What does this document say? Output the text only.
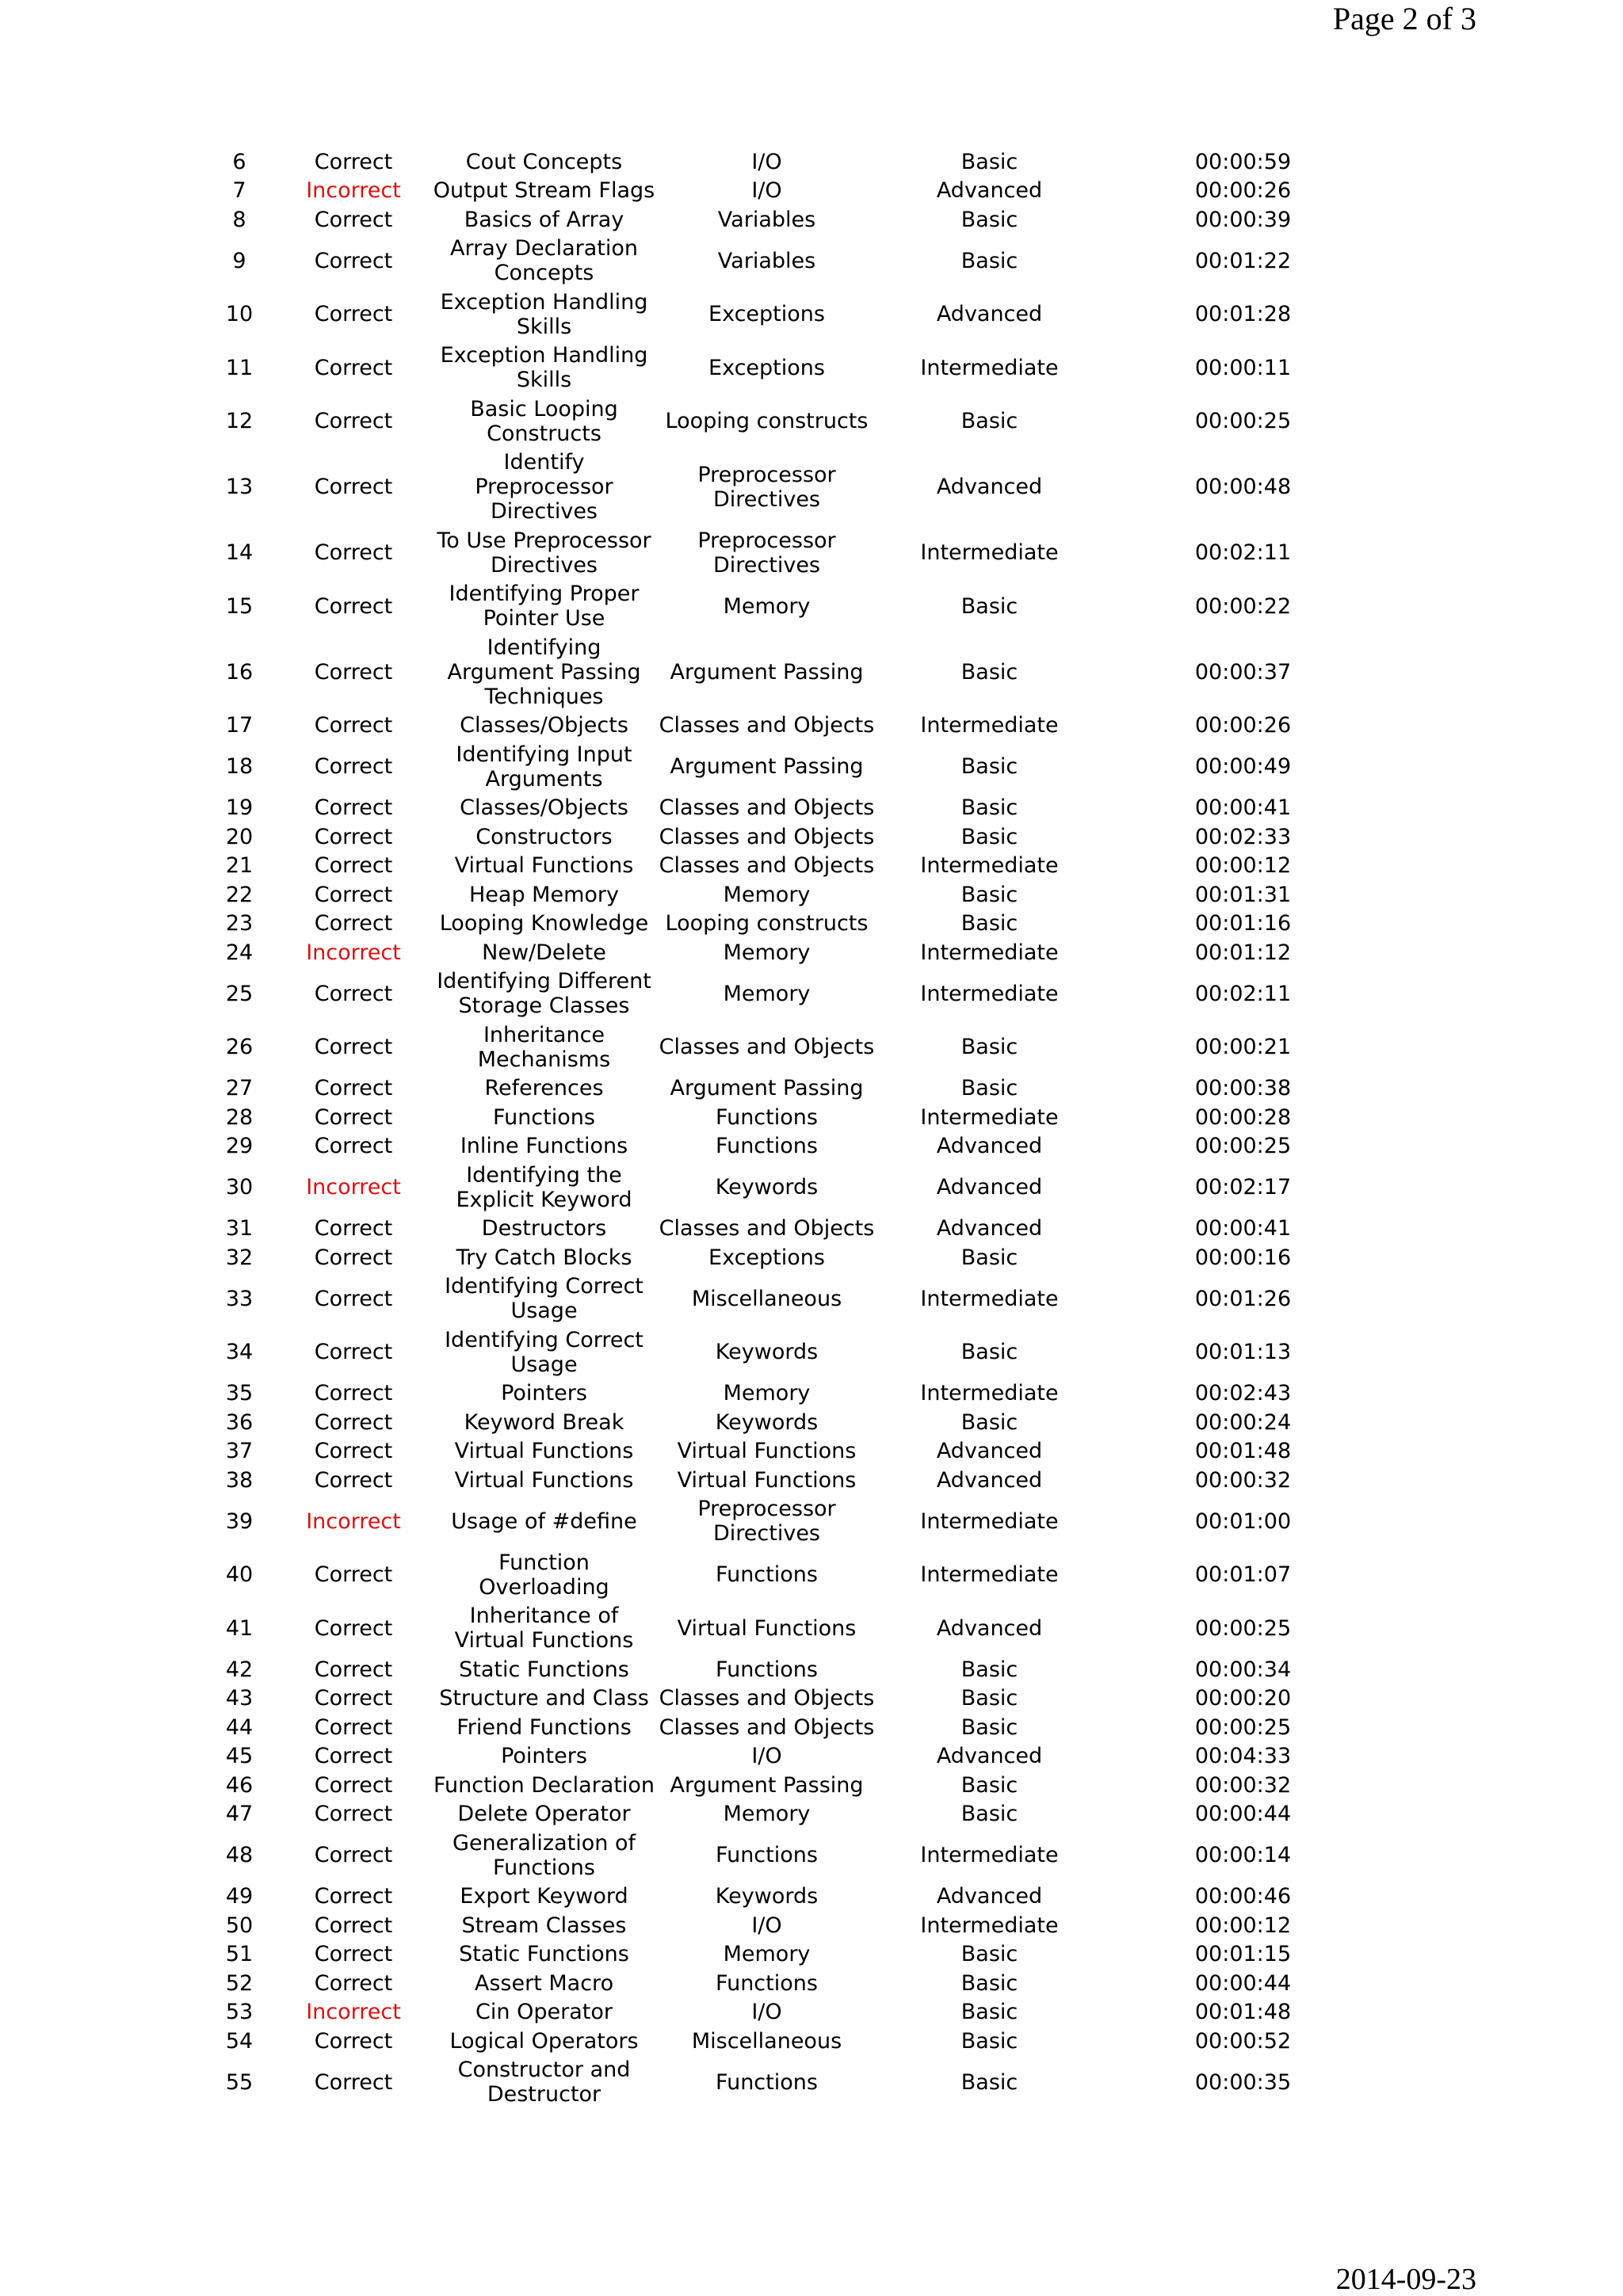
Page 2 of 3
6	Correct	Cout Concepts	I/O	Basic	00:00:59
7	Incorrect	Output Stream Flags	I/O	Advanced	00:00:26
8	Correct	Basics of Array	Variables	Basic	00:00:39
9	Correct	Array Declaration Concepts	Variables	Basic	00:01:22
10	Correct	Exception Handling Skills	Exceptions	Advanced	00:01:28
11	Correct	Exception Handling Skills	Exceptions	Intermediate	00:00:11
12	Correct	Basic Looping Constructs	Looping constructs	Basic	00:00:25
13	Correct	Identify Preprocessor Directives	Preprocessor Directives	Advanced	00:00:48
14	Correct	To Use Preprocessor Directives	Preprocessor Directives	Intermediate	00:02:11
15	Correct	Identifying Proper Pointer Use	Memory	Basic	00:00:22
16	Correct	Identifying Argument Passing Techniques	Argument Passing	Basic	00:00:37
17	Correct	Classes/Objects	Classes and Objects	Intermediate	00:00:26
18	Correct	Identifying Input Arguments	Argument Passing	Basic	00:00:49
19	Correct	Classes/Objects	Classes and Objects	Basic	00:00:41
20	Correct	Constructors	Classes and Objects	Basic	00:02:33
21	Correct	Virtual Functions	Classes and Objects	Intermediate	00:00:12
22	Correct	Heap Memory	Memory	Basic	00:01:31
23	Correct	Looping Knowledge	Looping constructs	Basic	00:01:16
24	Incorrect	New/Delete	Memory	Intermediate	00:01:12
25	Correct	Identifying Different Storage Classes	Memory	Intermediate	00:02:11
26	Correct	Inheritance Mechanisms	Classes and Objects	Basic	00:00:21
27	Correct	References	Argument Passing	Basic	00:00:38
28	Correct	Functions	Functions	Intermediate	00:00:28
29	Correct	Inline Functions	Functions	Advanced	00:00:25
30	Incorrect	Identifying the Explicit Keyword	Keywords	Advanced	00:02:17
31	Correct	Destructors	Classes and Objects	Advanced	00:00:41
32	Correct	Try Catch Blocks	Exceptions	Basic	00:00:16
33	Correct	Identifying Correct Usage	Miscellaneous	Intermediate	00:01:26
34	Correct	Identifying Correct Usage	Keywords	Basic	00:01:13
35	Correct	Pointers	Memory	Intermediate	00:02:43
36	Correct	Keyword Break	Keywords	Basic	00:00:24
37	Correct	Virtual Functions	Virtual Functions	Advanced	00:01:48
38	Correct	Virtual Functions	Virtual Functions	Advanced	00:00:32
39	Incorrect	Usage of #define	Preprocessor Directives	Intermediate	00:01:00
40	Correct	Function Overloading	Functions	Intermediate	00:01:07
41	Correct	Inheritance of Virtual Functions	Virtual Functions	Advanced	00:00:25
42	Correct	Static Functions	Functions	Basic	00:00:34
43	Correct	Structure and Class	Classes and Objects	Basic	00:00:20
44	Correct	Friend Functions	Classes and Objects	Basic	00:00:25
45	Correct	Pointers	I/O	Advanced	00:04:33
46	Correct	Function Declaration	Argument Passing	Basic	00:00:32
47	Correct	Delete Operator	Memory	Basic	00:00:44
48	Correct	Generalization of Functions	Functions	Intermediate	00:00:14
49	Correct	Export Keyword	Keywords	Advanced	00:00:46
50	Correct	Stream Classes	I/O	Intermediate	00:00:12
51	Correct	Static Functions	Memory	Basic	00:01:15
52	Correct	Assert Macro	Functions	Basic	00:00:44
53	Incorrect	Cin Operator	I/O	Basic	00:01:48
54	Correct	Logical Operators	Miscellaneous	Basic	00:00:52
55	Correct	Constructor and Destructor	Functions	Basic	00:00:35
2014-09-23
